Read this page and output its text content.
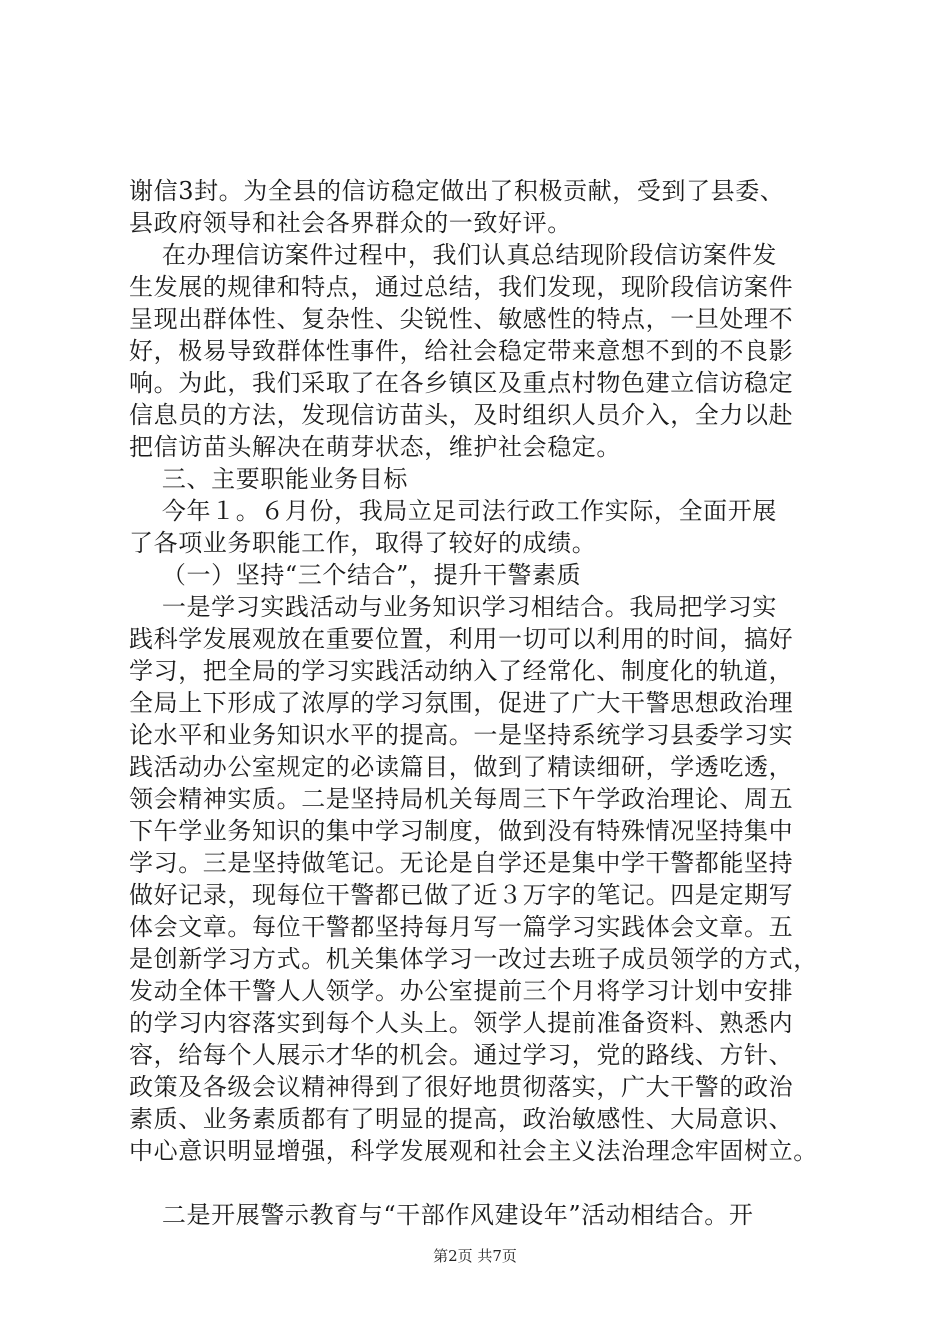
谢信3封。为全县的信访稳定做出了积极贡献，受到了县委、
县政府领导和社会各界群众的一致好评。
在办理信访案件过程中，我们认真总结现阶段信访案件发
生发展的规律和特点，通过总结，我们发现，现阶段信访案件
呈现出群体性、复杂性、尖锐性、敏感性的特点，一旦处理不
好，极易导致群体性事件，给社会稳定带来意想不到的不良影
响。为此，我们采取了在各乡镇区及重点村物色建立信访稳定
信息员的方法，发现信访苗头，及时组织人员介入，全力以赴
把信访苗头解决在萌芽状态，维护社会稳定。
三、主要职能业务目标
今年１。６月份，我局立足司法行政工作实际，全面开展
了各项业务职能工作，取得了较好的成绩。
（一）坚持“三个结合”，提升干警素质
一是学习实践活动与业务知识学习相结合。我局把学习实
践科学发展观放在重要位置，利用一切可以利用的时间，搞好
学习，把全局的学习实践活动纳入了经常化、制度化的轨道，
全局上下形成了浓厚的学习氛围，促进了广大干警思想政治理
论水平和业务知识水平的提高。一是坚持系统学习县委学习实
践活动办公室规定的必读篇目，做到了精读细研，学透吃透，
领会精神实质。二是坚持局机关每周三下午学政治理论、周五
下午学业务知识的集中学习制度，做到没有特殊情况坚持集中
学习。三是坚持做笔记。无论是自学还是集中学干警都能坚持
做好记录，现每位干警都已做了近３万字的笔记。四是定期写
体会文章。每位干警都坚持每月写一篇学习实践体会文章。五
是创新学习方式。机关集体学习一改过去班子成员领学的方式，
发动全体干警人人领学。办公室提前三个月将学习计划中安排
的学习内容落实到每个人头上。领学人提前准备资料、熟悉内
容，给每个人展示才华的机会。通过学习，党的路线、方针、
政策及各级会议精神得到了很好地贯彻落实，广大干警的政治
素质、业务素质都有了明显的提高，政治敏感性、大局意识、
中心意识明显增强，科学发展观和社会主义法治理念牢固树立。
二是开展警示教育与“干部作风建设年”活动相结合。开
第2页 共7页
